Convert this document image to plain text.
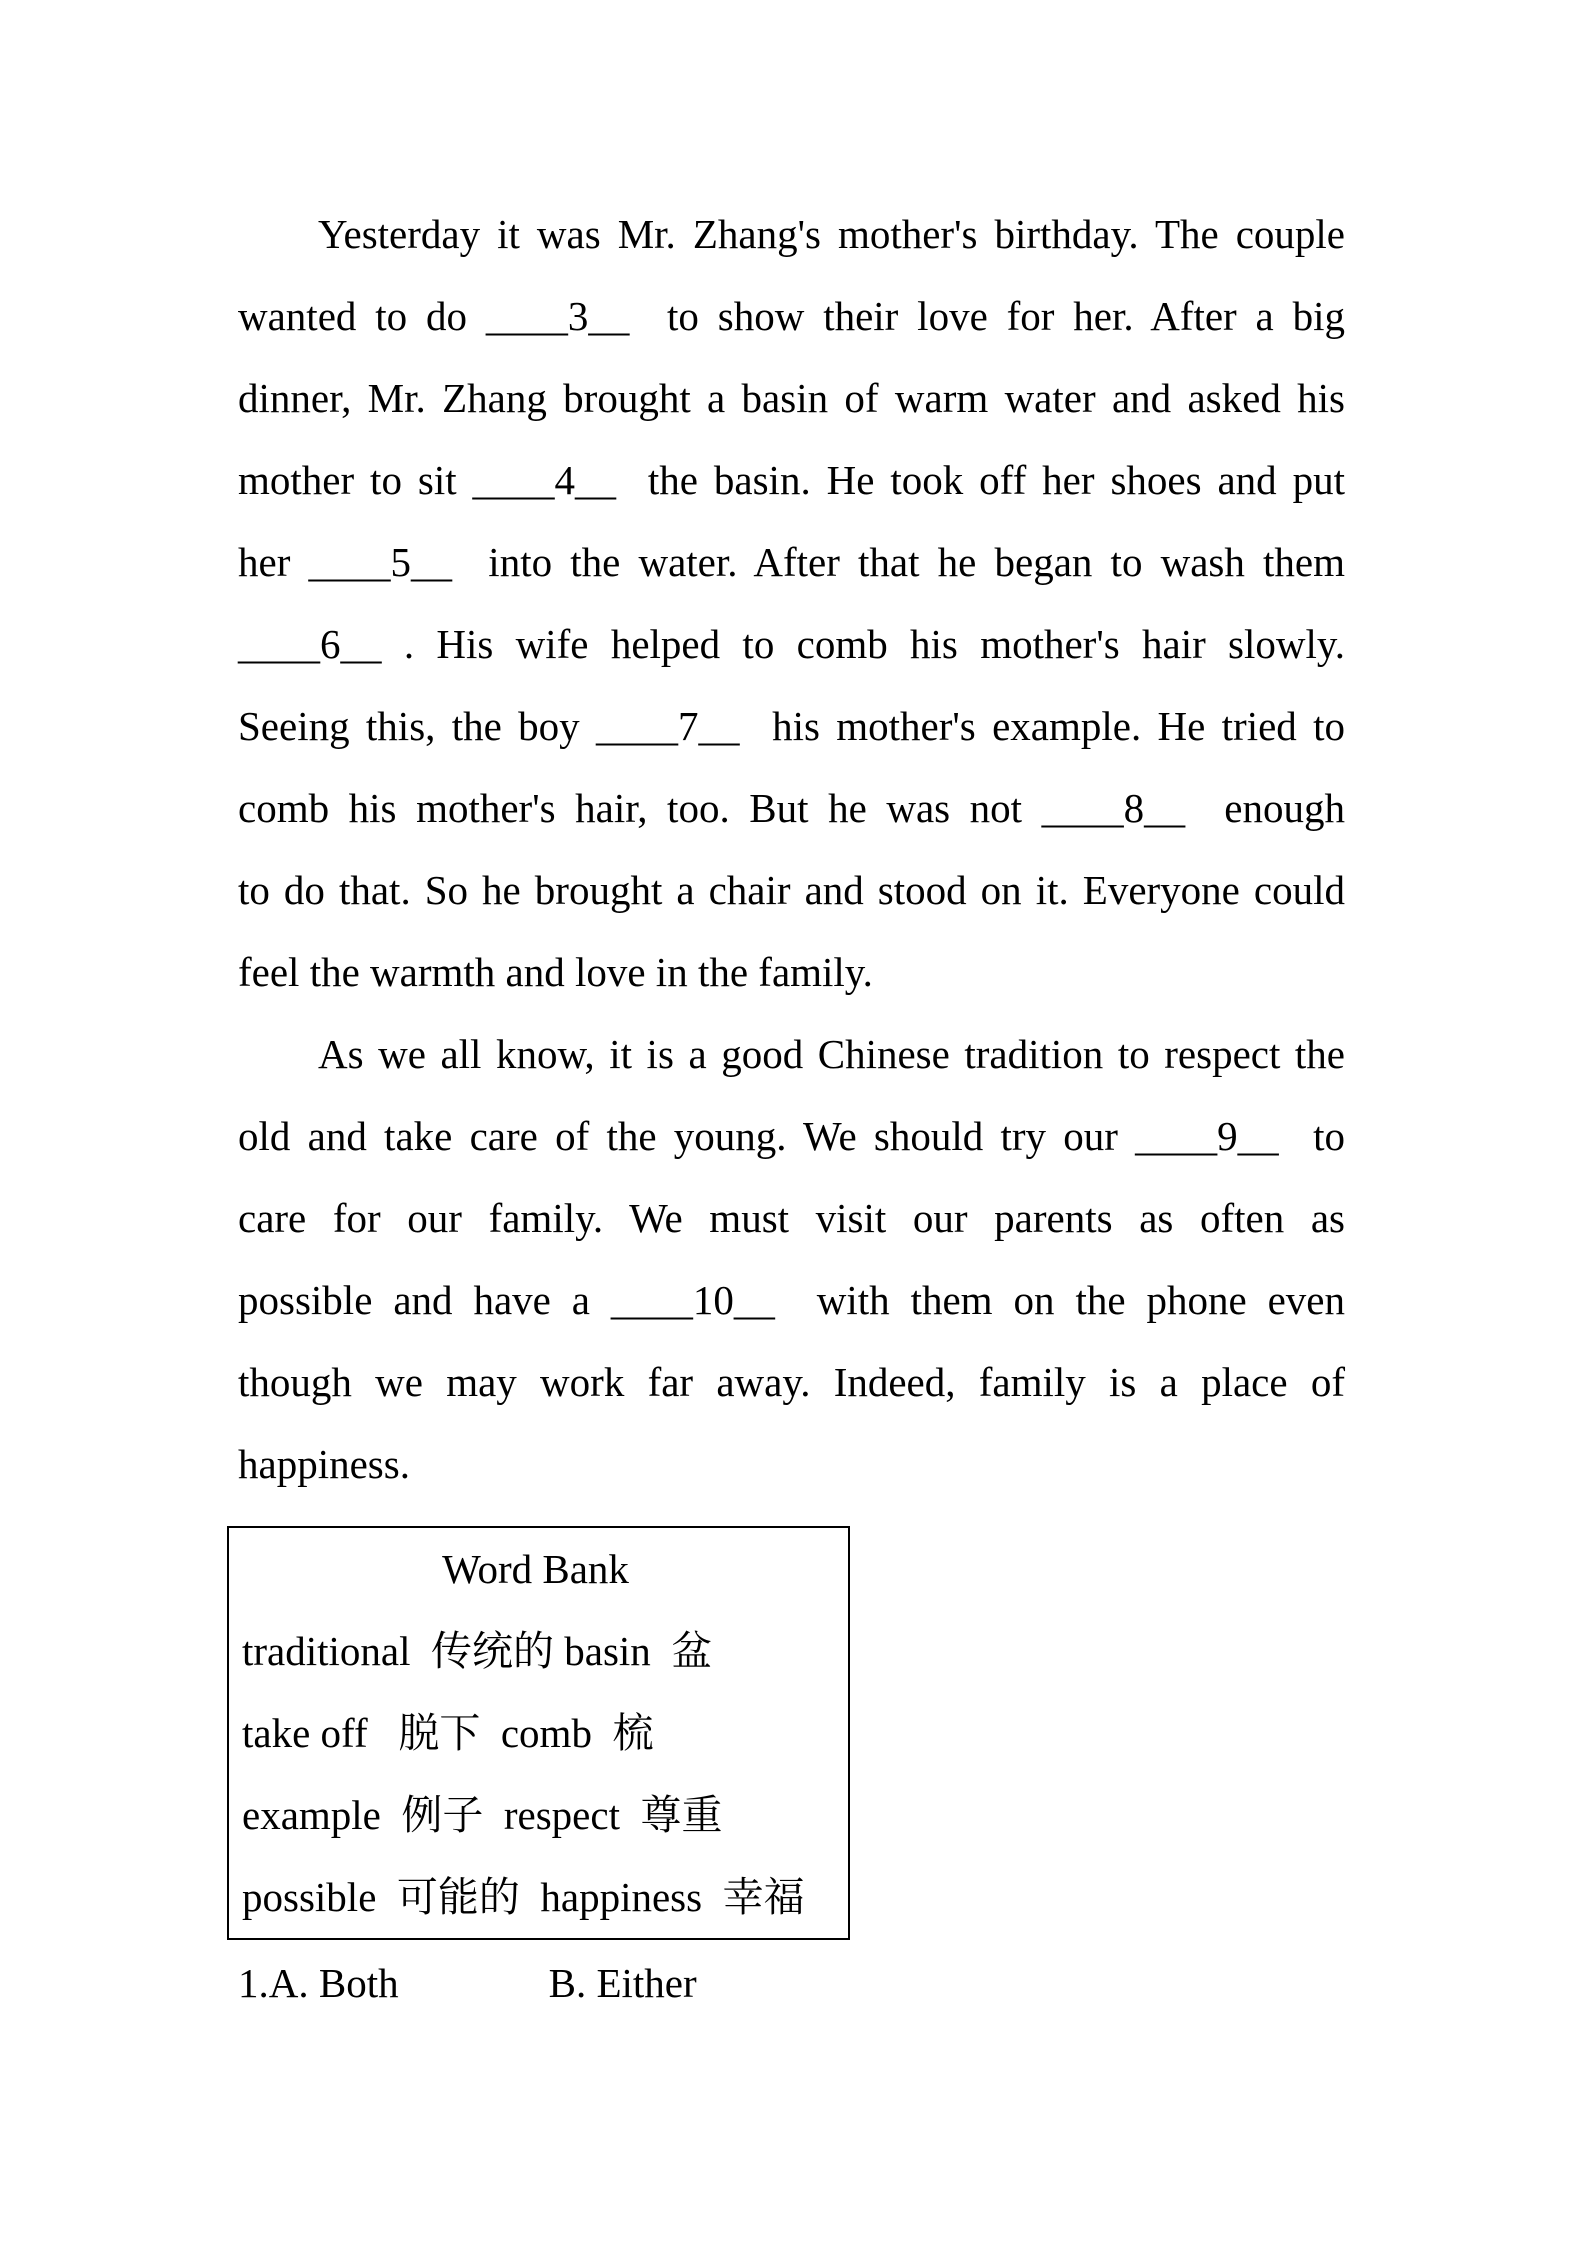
Yesterday it was Mr. Zhang's mother's birthday. The couple
wanted to do ____3__  to show their love for her. After a big
dinner, Mr. Zhang brought a basin of warm water and asked his
mother to sit ____4__  the basin. He took off her shoes and put
her ____5__  into the water. After that he began to wash them
____6__ . His wife helped to comb his mother's hair slowly.
Seeing this, the boy ____7__  his mother's example. He tried to
comb his mother's hair, too. But he was not ____8__  enough
to do that. So he brought a chair and stood on it. Everyone could
feel the warmth and love in the family.
As we all know, it is a good Chinese tradition to respect the
old and take care of the young. We should try our ____9__  to
care for our family. We must visit our parents as often as
possible and have a ____10__  with them on the phone even
though we may work far away. Indeed, family is a place of
happiness.
Word Bank
traditional  传统的 basin  盆
take off   脱下  comb  梳
example  例子  respect  尊重
possible  可能的  happiness  幸福
1.A. Both	B. Either
